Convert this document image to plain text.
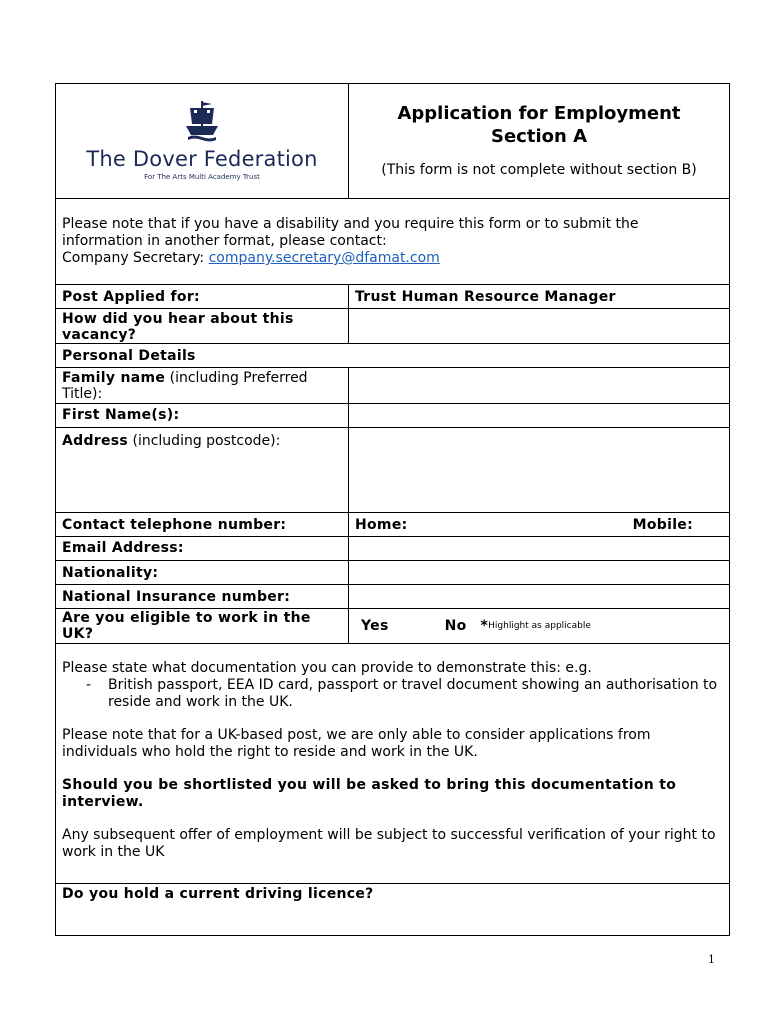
The Dover Federation
For The Arts Multi Academy Trust
Application for Employment
Section A
(This form is not complete without section B)
Please note that if you have a disability and you require this form or to submit the information in another format, please contact:
Company Secretary: company.secretary@dfamat.com
Post Applied for:	Trust Human Resource Manager
How did you hear about this vacancy?
Personal Details
Family name (including Preferred Title):
First Name(s):
Address (including postcode):
Contact telephone number:	Home:	Mobile:
Email Address:
Nationality:
National Insurance number:
Are you eligible to work in the UK?	Yes	No * Highlight as applicable
Please state what documentation you can provide to demonstrate this: e.g.
-	British passport, EEA ID card, passport or travel document showing an authorisation to reside and work in the UK.

Please note that for a UK-based post, we are only able to consider applications from individuals who hold the right to reside and work in the UK.

Should you be shortlisted you will be asked to bring this documentation to interview.

Any subsequent offer of employment will be subject to successful verification of your right to work in the UK

Do you hold a current driving licence?
1
